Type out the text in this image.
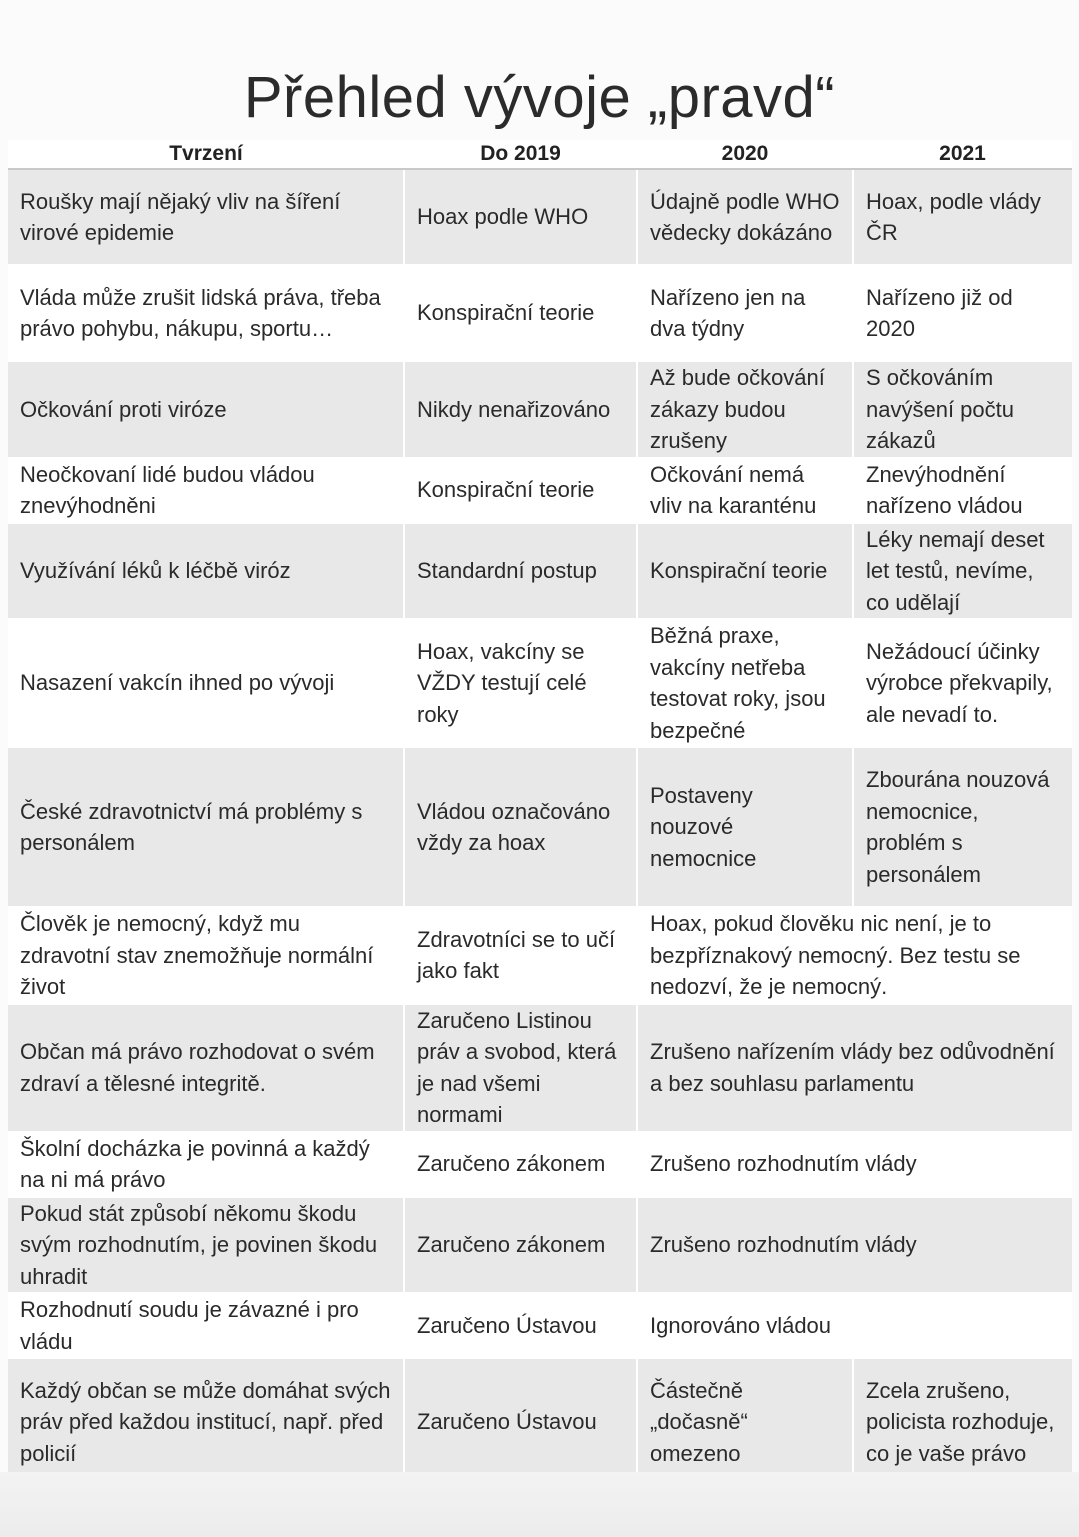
Přehled vývoje „pravd“
Tvrzení	Do 2019	2020	2021
Roušky mají nějaký vliv na šíření virové epidemie	Hoax podle WHO	Údajně podle WHO vědecky dokázáno	Hoax, podle vlády ČR
Vláda může zrušit lidská práva, třeba právo pohybu, nákupu, sportu…	Konspirační teorie	Nařízeno jen na dva týdny	Nařízeno již od 2020
Očkování proti viróze	Nikdy nenařizováno	Až bude očkování zákazy budou zrušeny	S očkováním navýšení počtu zákazů
Neočkovaní lidé budou vládou znevýhodněni	Konspirační teorie	Očkování nemá vliv na karanténu	Znevýhodnění nařízeno vládou
Využívání léků k léčbě viróz	Standardní postup	Konspirační teorie	Léky nemají deset let testů, nevíme, co udělají
Nasazení vakcín ihned po vývoji	Hoax, vakcíny se VŽDY testují celé roky	Běžná praxe, vakcíny netřeba testovat roky, jsou bezpečné	Nežádoucí účinky výrobce překvapily, ale nevadí to.
České zdravotnictví má problémy s personálem	Vládou označováno vždy za hoax	Postaveny nouzové nemocnice	Zbourána nouzová nemocnice, problém s personálem
Člověk je nemocný, když mu zdravotní stav znemožňuje normální život	Zdravotníci se to učí jako fakt	Hoax, pokud člověku nic není, je to bezpříznakový nemocný. Bez testu se nedozví, že je nemocný.	
Občan má právo rozhodovat o svém zdraví a tělesné integritě.	Zaručeno Listinou práv a svobod, která je nad všemi normami	Zrušeno nařízením vlády bez odůvodnění a bez souhlasu parlamentu	
Školní docházka je povinná a každý na ni má právo	Zaručeno zákonem	Zrušeno rozhodnutím vlády	
Pokud stát způsobí někomu škodu svým rozhodnutím, je povinen škodu uhradit	Zaručeno zákonem	Zrušeno rozhodnutím vlády	
Rozhodnutí soudu je závazné i pro vládu	Zaručeno Ústavou	Ignorováno vládou	
Každý občan se může domáhat svých práv před každou institucí, např. před policií	Zaručeno Ústavou	Částečně „dočasně“ omezeno	Zcela zrušeno, policista rozhoduje, co je vaše právo
